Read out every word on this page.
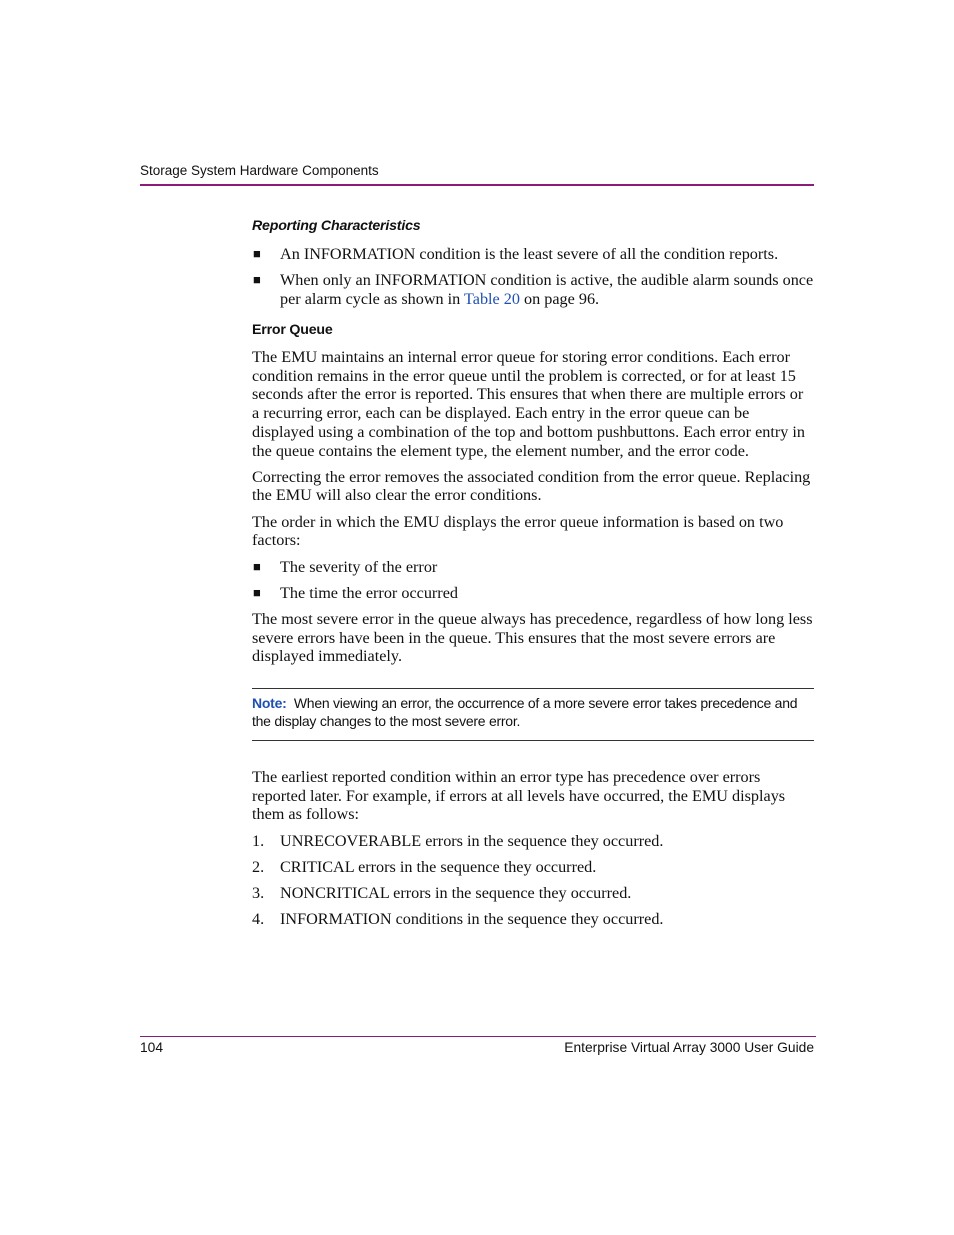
Storage System Hardware Components
Reporting Characteristics
■ An INFORMATION condition is the least severe of all the condition reports.
■ When only an INFORMATION condition is active, the audible alarm sounds once per alarm cycle as shown in Table 20 on page 96.
Error Queue

The EMU maintains an internal error queue for storing error conditions. Each error condition remains in the error queue until the problem is corrected, or for at least 15 seconds after the error is reported. This ensures that when there are multiple errors or a recurring error, each can be displayed. Each entry in the error queue can be displayed using a combination of the top and bottom pushbuttons. Each error entry in the queue contains the element type, the element number, and the error code.

Correcting the error removes the associated condition from the error queue. Replacing the EMU will also clear the error conditions.

The order in which the EMU displays the error queue information is based on two factors:

■ The severity of the error
■ The time the error occurred

The most severe error in the queue always has precedence, regardless of how long less severe errors have been in the queue. This ensures that the most severe errors are displayed immediately.

Note: When viewing an error, the occurrence of a more severe error takes precedence and the display changes to the most severe error.

The earliest reported condition within an error type has precedence over errors reported later. For example, if errors at all levels have occurred, the EMU displays them as follows:

1. UNRECOVERABLE errors in the sequence they occurred.
2. CRITICAL errors in the sequence they occurred.
3. NONCRITICAL errors in the sequence they occurred.
4. INFORMATION conditions in the sequence they occurred.
104	Enterprise Virtual Array 3000 User Guide
